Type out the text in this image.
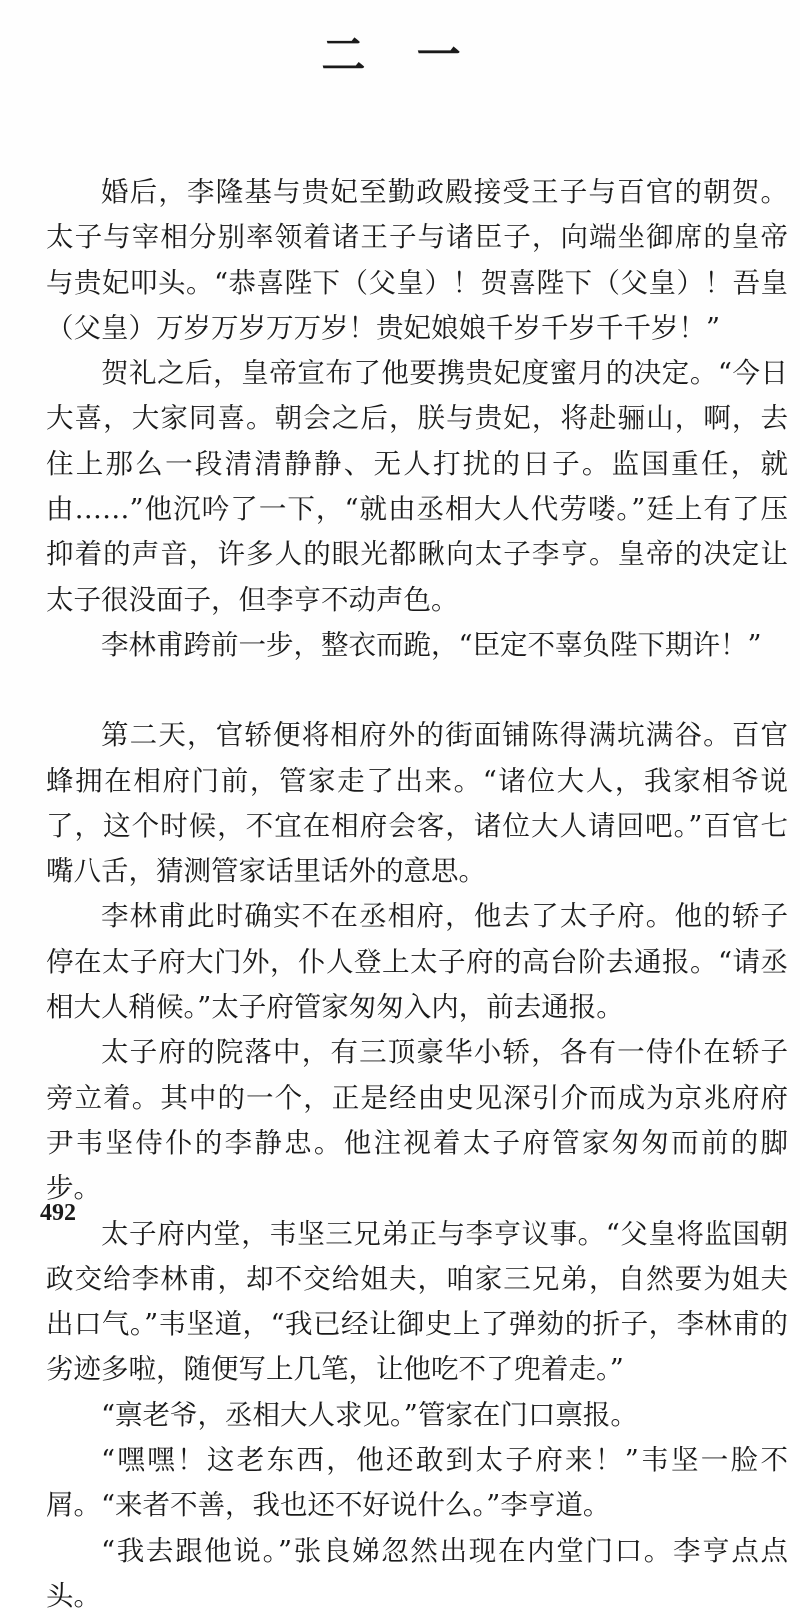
二 一

婚后，李隆基与贵妃至勤政殿接受王子与百官的朝贺。太子与宰相分别率领着诸王子与诸臣子，向端坐御席的皇帝与贵妃叩头。“恭喜陛下（父皇）！贺喜陛下（父皇）！吾皇（父皇）万岁万岁万万岁！贵妃娘娘千岁千岁千千岁！”

贺礼之后，皇帝宣布了他要携贵妃度蜜月的决定。“今日大喜，大家同喜。朝会之后，朕与贵妃，将赴骊山，啊，去住上那么一段清清静静、无人打扰的日子。监国重任，就由……”他沉吟了一下，“就由丞相大人代劳喽。”廷上有了压抑着的声音，许多人的眼光都瞅向太子李亨。皇帝的决定让太子很没面子，但李亨不动声色。

李林甫跨前一步，整衣而跪，“臣定不辜负陛下期许！”

第二天，官轿便将相府外的街面铺陈得满坑满谷。百官蜂拥在相府门前，管家走了出来。“诸位大人，我家相爷说了，这个时候，不宜在相府会客，诸位大人请回吧。”百官七嘴八舌，猜测管家话里话外的意思。

李林甫此时确实不在丞相府，他去了太子府。他的轿子停在太子府大门外，仆人登上太子府的高台阶去通报。“请丞相大人稍候。”太子府管家匆匆入内，前去通报。

太子府的院落中，有三顶豪华小轿，各有一侍仆在轿子旁立着。其中的一个，正是经由史见深引介而成为京兆府府尹韦坚侍仆的李静忠。他注视着太子府管家匆匆而前的脚步。

太子府内堂，韦坚三兄弟正与李亨议事。“父皇将监国朝政交给李林甫，却不交给姐夫，咱家三兄弟，自然要为姐夫出口气。”韦坚道，“我已经让御史上了弹劾的折子，李林甫的劣迹多啦，随便写上几笔，让他吃不了兜着走。”

“禀老爷，丞相大人求见。”管家在门口禀报。

“嘿嘿！这老东西，他还敢到太子府来！”韦坚一脸不屑。“来者不善，我也还不好说什么。”李亨道。

“我去跟他说。”张良娣忽然出现在内堂门口。李亨点点头。

492
